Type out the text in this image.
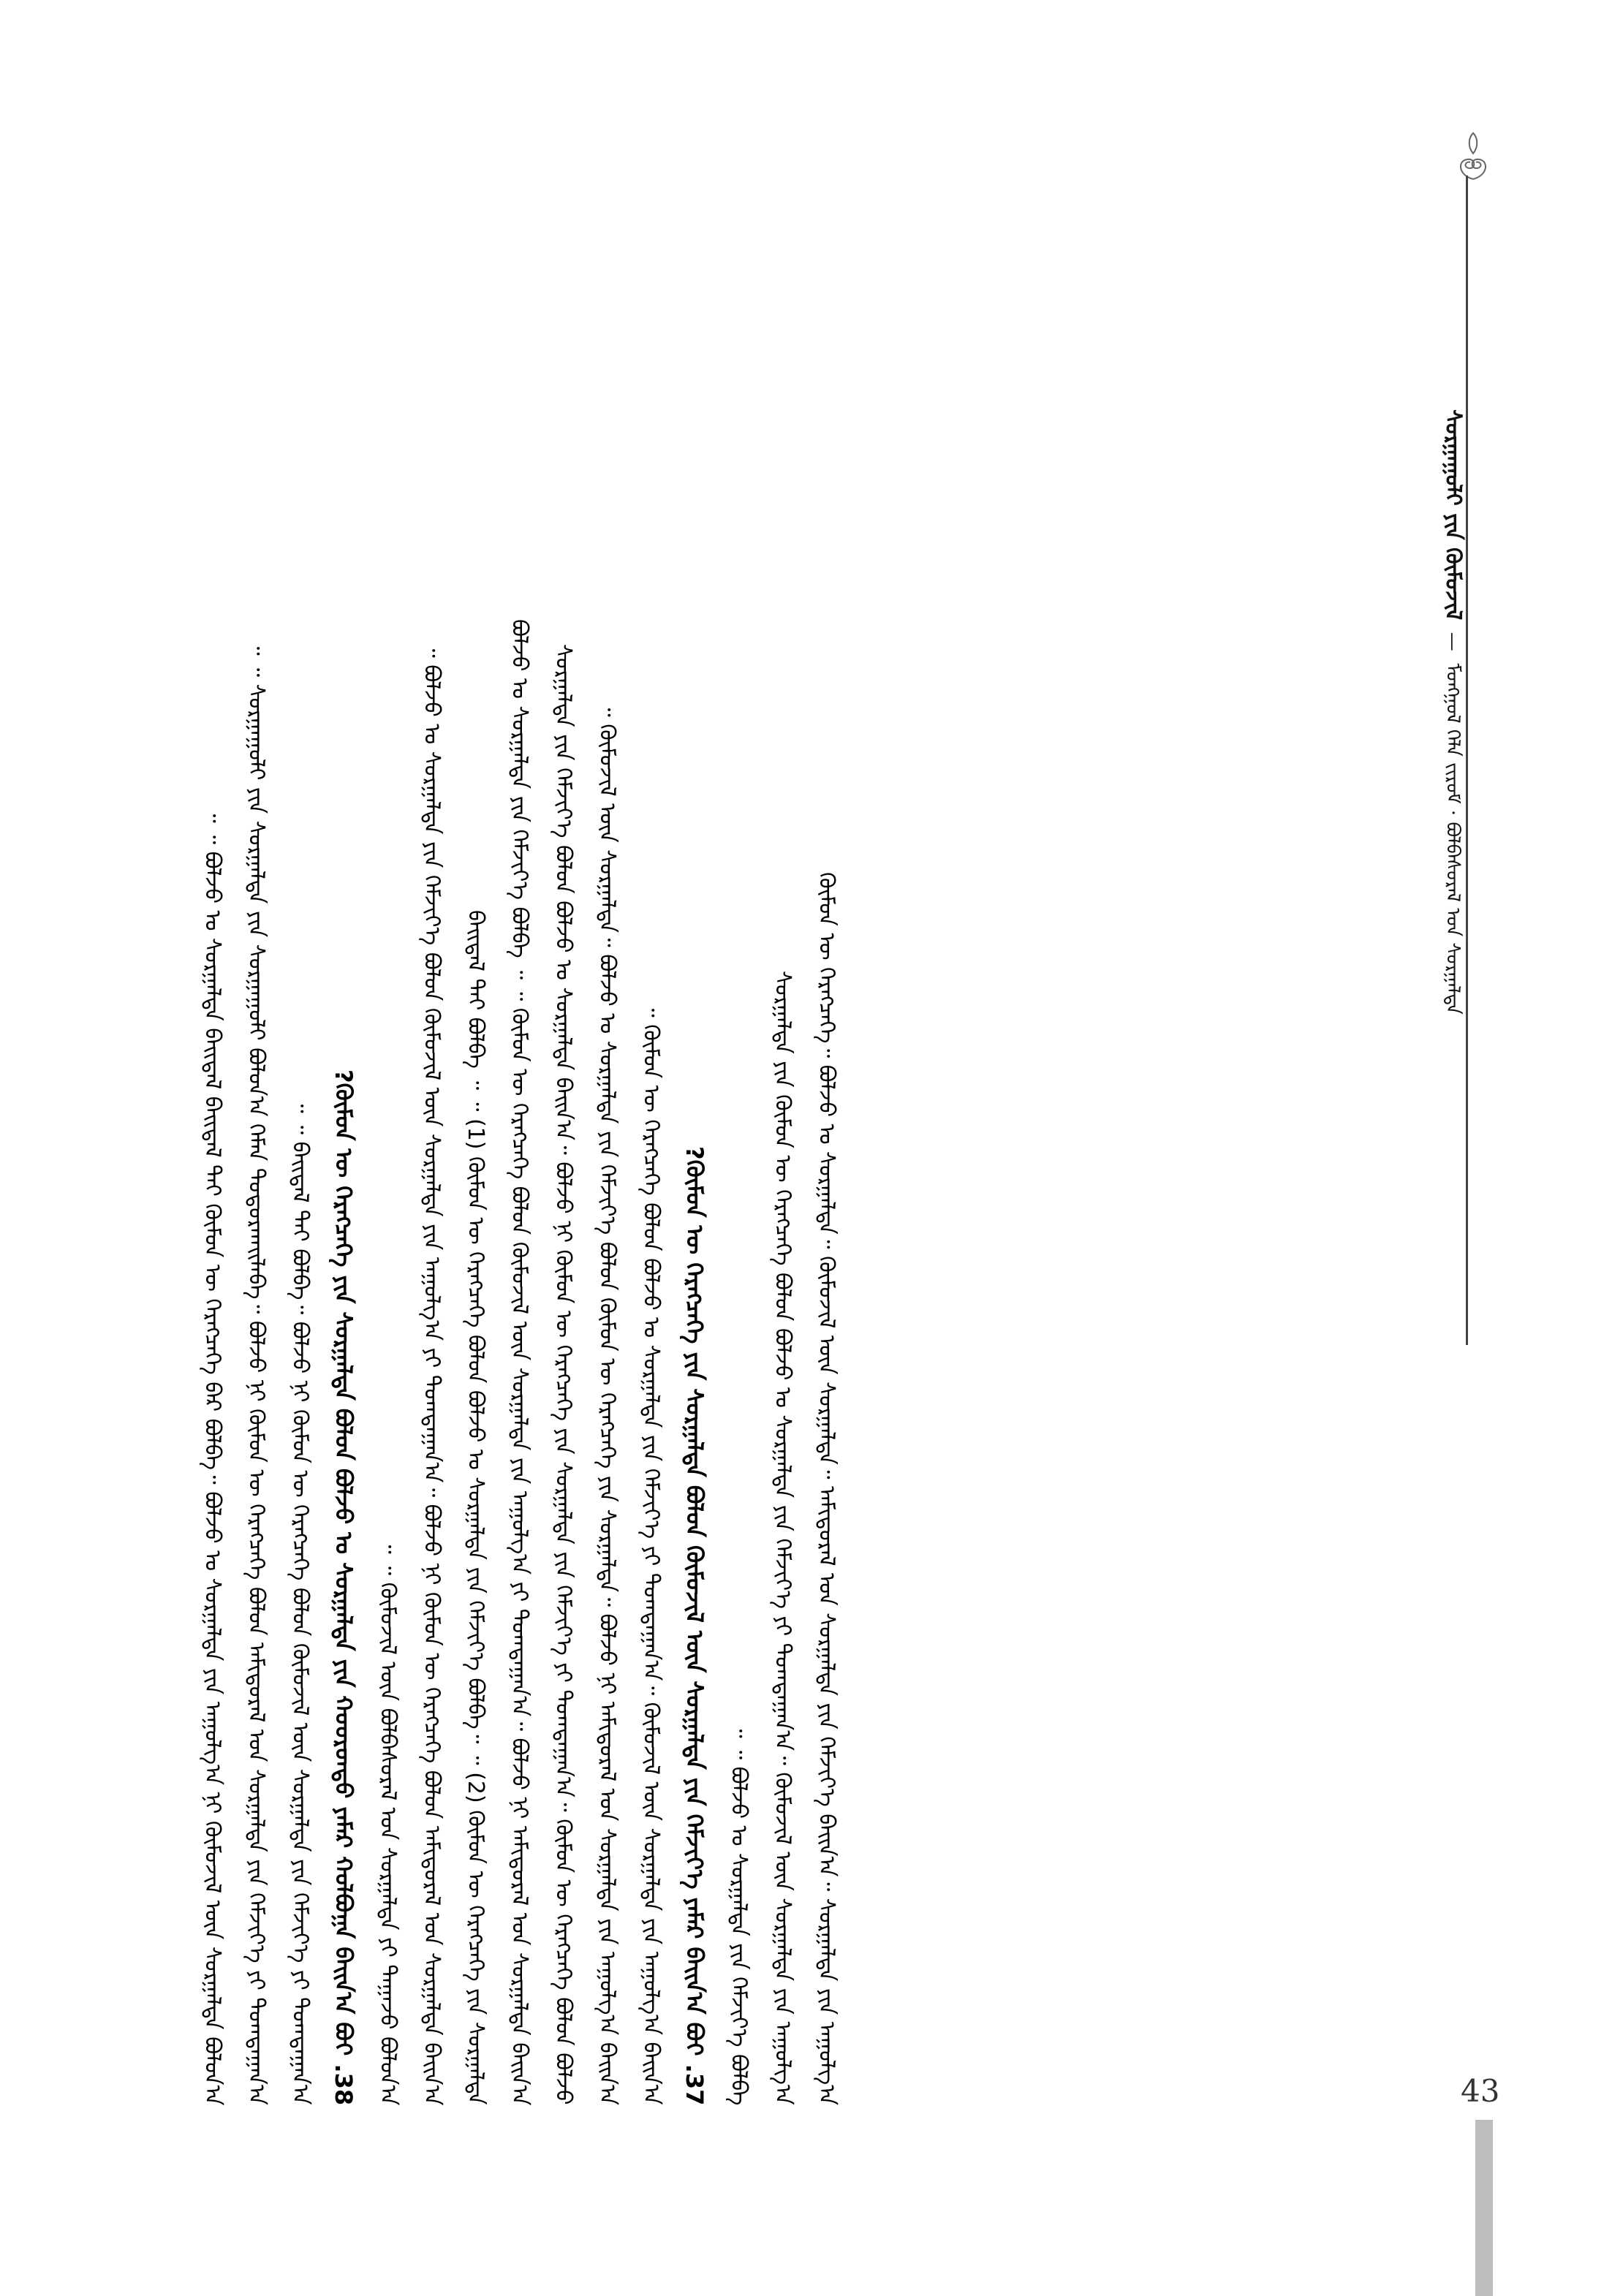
ᠰᠤᠷᠭᠠᠭᠤᠯᠢ ᠶᠢᠨ ᠬᠦᠮᠦᠵᠢᠯ  —  ᠮᠣᠩᠭᠣᠯ ᠬᠡᠯᠡ ᠵᠢᠷᠤᠮ · ᠪᠣᠯᠪᠠᠰᠤᠷᠠᠯ ᠤᠨ ᠰᠤᠷᠭᠠᠯᠲᠠ
ᠪᠣᠯᠵᠤ ᠤ ᠰᠤᠷᠭᠠᠯᠲᠠ ᠪᠠᠢᠳᠠᠯ ᠪᠠᠢᠳᠠᠯ ᠲᠠᠢ ᠬᠦᠮᠦᠨ ᠦ ᠬᠡᠷᠡᠭᠴᠡᠭᠡ ᠪᠡᠷ ᠪᠣᠯᠪᠠ᠃ ᠪᠣᠯᠵᠤ ᠤ ᠰᠤᠷᠭᠠᠯᠲᠠ ᠶᠢᠨ ᠠᠭᠤᠯᠭ᠎ᠠ ᠨᠢ ᠬᠦᠮᠦᠵᠢᠯ ᠦᠨ ᠰᠤᠷᠭᠠᠯᠲᠠ ᠪᠣᠯᠤᠨ᠎ᠠ ᠃ ᠃
ᠰᠤᠷᠭᠠᠭᠤᠯᠢ ᠶᠢᠨ ᠰᠤᠷᠭᠠᠯᠲᠠ ᠶᠢᠨ ᠰᠤᠷᠭᠠᠭᠤᠯᠢ ᠪᠣᠯᠤᠨ᠎ᠠ ᠬᠡᠮᠡᠨ ᠲᠣᠳᠣᠷᠬᠠᠢᠯᠠᠪᠠ᠃ ᠪᠣᠯᠵᠤ ᠨᠢ ᠬᠦᠮᠦᠨ ᠦ ᠬᠡᠷᠡᠭᠴᠡᠭᠡ ᠪᠣᠯᠤᠨ ᠠᠮᠢᠳᠤᠷᠠᠯ ᠤᠨ ᠰᠤᠷᠭᠠᠯᠲᠠ ᠶᠢᠨ ᠬᠡᠮᠵᠢᠶ᠎ᠡ ᠶᠢ ᠲᠣᠭᠲᠠᠭᠠᠨ᠎ᠠ ᠃ ᠃ ᠪᠠᠢᠳᠠᠯ ᠲᠠᠢ ᠪᠣᠯᠪᠠ᠃ ᠪᠣᠯᠵᠤ ᠨᠢ ᠬᠦᠮᠦᠨ ᠦ ᠬᠡᠷᠡᠭᠴᠡᠭᠡ ᠪᠣᠯᠤᠨ ᠬᠦᠮᠦᠵᠢᠯ ᠦᠨ ᠰᠤᠷᠭᠠᠯᠲᠠ ᠶᠢᠨ ᠬᠡᠮᠵᠢᠶ᠎ᠡ ᠶᠢ ᠲᠣᠭᠲᠠᠭᠠᠨ᠎ᠠ ᠃ ᠃
38. ᠬᠦᠮᠦᠨ ᠦ ᠬᠡᠷᠡᠭᠴᠡᠭᠡ ᠶᠢᠨ ᠰᠤᠷᠭᠠᠯᠲᠠ ᠪᠣᠯᠤᠨ ᠪᠣᠯᠵᠤ ᠤ ᠰᠤᠷᠭᠠᠯᠲᠠ ᠶᠢᠨ ᠬᠣᠤᠷᠤᠨᠳᠤ ᠶᠠᠮᠠᠷ ᠬᠣᠯᠪᠣᠭᠠ ᠪᠠᠢᠨ᠎ᠠ ᠪᠤᠢ?
ᠬᠦᠮᠦᠵᠢᠯ ᠦᠨ ᠪᠣᠯᠪᠠᠰᠤᠷᠠᠯ ᠤᠨ ᠰᠤᠷᠭᠠᠯᠲᠠ ᠶᠢ ᠳᠠᠭᠠᠵᠤ ᠪᠣᠯᠤᠨ᠎ᠠ ᠃ ᠃
ᠪᠣᠯᠵᠤ ᠤ ᠰᠤᠷᠭᠠᠯᠲᠠ ᠶᠢᠨ ᠬᠡᠮᠵᠢᠶ᠎ᠡ ᠪᠣᠯᠤᠨ ᠬᠦᠮᠦᠵᠢᠯ ᠦᠨ ᠰᠤᠷᠭᠠᠯᠲᠠ ᠶᠢᠨ ᠠᠭᠤᠯᠭ᠎ᠠ ᠶᠢ ᠲᠣᠭᠲᠠᠭᠠᠨ᠎ᠠ᠃ ᠪᠣᠯᠵᠤ ᠨᠢ ᠬᠦᠮᠦᠨ ᠦ ᠬᠡᠷᠡᠭᠴᠡᠭᠡ ᠪᠣᠯᠤᠨ ᠠᠮᠢᠳᠤᠷᠠᠯ ᠤᠨ ᠰᠤᠷᠭᠠᠯᠲᠠ ᠪᠠᠢᠨ᠎ᠠ ᠃ ᠪᠠᠢᠳᠠᠯ ᠲᠠᠢ ᠪᠣᠯᠪᠠ ᠃ ᠃ (1) ᠬᠦᠮᠦᠨ ᠦ ᠬᠡᠷᠡᠭᠴᠡᠭᠡ ᠪᠣᠯᠤᠨ ᠪᠣᠯᠵᠤ ᠤ ᠰᠤᠷᠭᠠᠯᠲᠠ ᠶᠢᠨ ᠬᠡᠮᠵᠢᠶ᠎ᠡ ᠪᠣᠯᠪᠠ᠃ ᠃ (2) ᠬᠦᠮᠦᠨ ᠦ ᠬᠡᠷᠡᠭᠴᠡᠭᠡ ᠶᠢᠨ ᠰᠤᠷᠭᠠᠯᠲᠠ ᠪᠣᠯᠵᠤ ᠤ ᠰᠤᠷᠭᠠᠯᠲᠠ ᠶᠢᠨ ᠬᠡᠮᠵᠢᠶ᠎ᠡ ᠪᠣᠯᠪᠠ ᠃ ᠃ ᠬᠦᠮᠦᠨ ᠦ ᠬᠡᠷᠡᠭᠴᠡᠭᠡ ᠪᠣᠯᠤᠨ ᠬᠦᠮᠦᠵᠢᠯ ᠦᠨ ᠰᠤᠷᠭᠠᠯᠲᠠ ᠶᠢᠨ ᠠᠭᠤᠯᠭ᠎ᠠ ᠶᠢ ᠲᠣᠭᠲᠠᠭᠠᠨ᠎ᠠ᠃ ᠪᠣᠯᠵᠤ ᠨᠢ ᠠᠮᠢᠳᠤᠷᠠᠯ ᠤᠨ ᠰᠤᠷᠭᠠᠯᠲᠠ ᠪᠠᠢᠨ᠎ᠠ ᠰᠤᠷᠭᠠᠯᠲᠠ ᠶᠢᠨ ᠬᠡᠮᠵᠢᠶ᠎ᠡ ᠪᠣᠯᠤᠨ ᠪᠣᠯᠵᠤ ᠤ ᠰᠤᠷᠭᠠᠯᠲᠠ ᠪᠠᠢᠨ᠎ᠠ᠃ ᠪᠣᠯᠵᠤ ᠨᠢ ᠬᠦᠮᠦᠨ ᠦ ᠬᠡᠷᠡᠭᠴᠡᠭᠡ ᠶᠢᠨ ᠰᠤᠷᠭᠠᠯᠲᠠ ᠶᠢᠨ ᠬᠡᠮᠵᠢᠶ᠎ᠡ ᠶᠢ ᠲᠣᠭᠲᠠᠭᠠᠨ᠎ᠠ᠃ ᠬᠦᠮᠦᠨ ᠦ ᠬᠡᠷᠡᠭᠴᠡᠭᠡ ᠪᠣᠯᠤᠨ ᠪᠣᠯᠵᠤ ᠬᠦᠮᠦᠵᠢᠯ ᠦᠨ ᠰᠤᠷᠭᠠᠯᠲᠠ᠃ ᠪᠣᠯᠵᠤ ᠤ ᠰᠤᠷᠭᠠᠯᠲᠠ ᠶᠢᠨ ᠬᠡᠮᠵᠢᠶ᠎ᠡ ᠪᠣᠯᠤᠨ ᠬᠦᠮᠦᠨ ᠦ ᠬᠡᠷᠡᠭᠴᠡᠭᠡ ᠶᠢᠨ ᠰᠤᠷᠭᠠᠯᠲᠠ᠃ ᠪᠣᠯᠵᠤ ᠨᠢ ᠠᠮᠢᠳᠤᠷᠠᠯ ᠤᠨ ᠰᠤᠷᠭᠠᠯᠲᠠ ᠶᠢᠨ ᠠᠭᠤᠯᠭ᠎ᠠ ᠪᠠᠢᠨ᠎ᠠ ᠃ ᠬᠦᠮᠦᠨ ᠦ ᠬᠡᠷᠡᠭᠴᠡᠭᠡ ᠪᠣᠯᠤᠨ ᠪᠣᠯᠵᠤ ᠤ ᠰᠤᠷᠭᠠᠯᠲᠠ ᠶᠢᠨ ᠬᠡᠮᠵᠢᠶ᠎ᠡ ᠶᠢ ᠲᠣᠭᠲᠠᠭᠠᠨ᠎ᠠ᠃ ᠬᠦᠮᠦᠵᠢᠯ ᠦᠨ ᠰᠤᠷᠭᠠᠯᠲᠠ ᠶᠢᠨ ᠠᠭᠤᠯᠭ᠎ᠠ ᠪᠠᠢᠨ᠎ᠠ ᠃ 37. ᠬᠦᠮᠦᠨ ᠦ ᠬᠡᠷᠡᠭᠴᠡᠭᠡ ᠶᠢᠨ ᠰᠤᠷᠭᠠᠯᠲᠠ ᠪᠣᠯᠤᠨ ᠬᠦᠮᠦᠵᠢᠯ ᠦᠨ ᠰᠤᠷᠭᠠᠯᠲᠠ ᠶᠢᠨ ᠬᠡᠮᠵᠢᠶ᠎ᠡ ᠶᠠᠮᠠᠷ ᠪᠠᠢᠨ᠎ᠠ ᠪᠤᠢ?
ᠪᠣᠯᠵᠤ ᠤ ᠰᠤᠷᠭᠠᠯᠲᠠ ᠶᠢᠨ ᠬᠡᠮᠵᠢᠶ᠎ᠡ ᠪᠣᠯᠪᠠ ᠃ ᠃ ᠰᠤᠷᠭᠠᠯᠲᠠ ᠶᠢᠨ ᠬᠦᠮᠦᠨ ᠦ ᠬᠡᠷᠡᠭᠴᠡᠭᠡ ᠪᠣᠯᠤᠨ ᠪᠣᠯᠵᠤ ᠤ ᠰᠤᠷᠭᠠᠯᠲᠠ ᠶᠢᠨ ᠬᠡᠮᠵᠢᠶ᠎ᠡ ᠶᠢ ᠲᠣᠭᠲᠠᠭᠠᠨ᠎ᠠ᠃ ᠬᠦᠮᠦᠵᠢᠯ ᠦᠨ ᠰᠤᠷᠭᠠᠯᠲᠠ ᠶᠢᠨ ᠠᠭᠤᠯᠭ᠎ᠠ ᠬᠦᠮᠦᠨ ᠦ ᠬᠡᠷᠡᠭᠴᠡᠭᠡ᠃ ᠪᠣᠯᠵᠤ ᠤ ᠰᠤᠷᠭᠠᠯᠲᠠ᠃ ᠬᠦᠮᠦᠵᠢᠯ ᠦᠨ ᠰᠤᠷᠭᠠᠯᠲᠠ᠃ ᠠᠮᠢᠳᠤᠷᠠᠯ ᠤᠨ ᠰᠤᠷᠭᠠᠯᠲᠠ ᠶᠢᠨ ᠬᠡᠮᠵᠢᠶ᠎ᠡ ᠪᠠᠢᠨ᠎ᠠ᠃ ᠰᠤᠷᠭᠠᠯᠲᠠ ᠶᠢᠨ ᠠᠭᠤᠯᠭ᠎ᠠ	43
